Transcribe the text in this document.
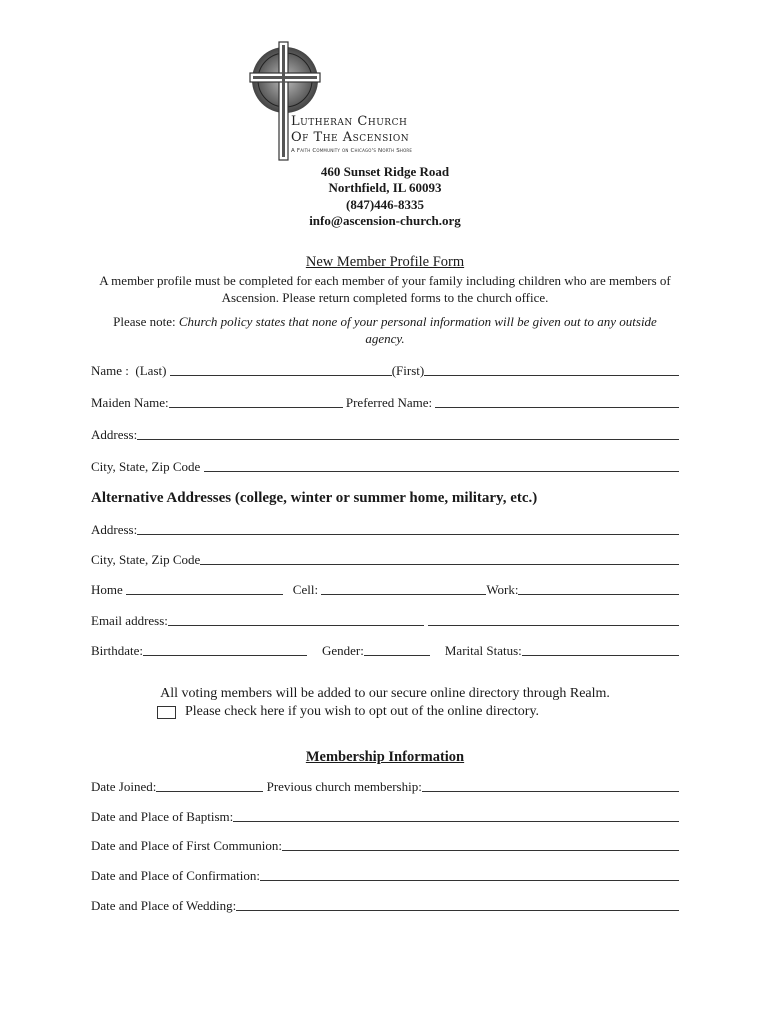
Lutheran Church
Of The Ascension
A Faith Community on Chicago's North Shore
460 Sunset Ridge Road
Northfield, IL 60093
(847)446-8335
info@ascension-church.org
New Member Profile Form
A member profile must be completed for each member of your family including children who are members of Ascension. Please return completed forms to the church office.
Please note: Church policy states that none of your personal information will be given out to any outside agency.
Name :  (Last)	(First)
Maiden Name:	Preferred Name:
Address:
City, State, Zip Code
Alternative Addresses (college, winter or summer home, military, etc.)
Address:
City, State, Zip Code
Home	Cell:	Work:
Email address:
Birthdate:	Gender:	Marital Status:
All voting members will be added to our secure online directory through Realm.
Please check here if you wish to opt out of the online directory.
Membership Information
Date Joined:	Previous church membership:
Date and Place of Baptism:
Date and Place of First Communion:
Date and Place of Confirmation:
Date and Place of Wedding:
